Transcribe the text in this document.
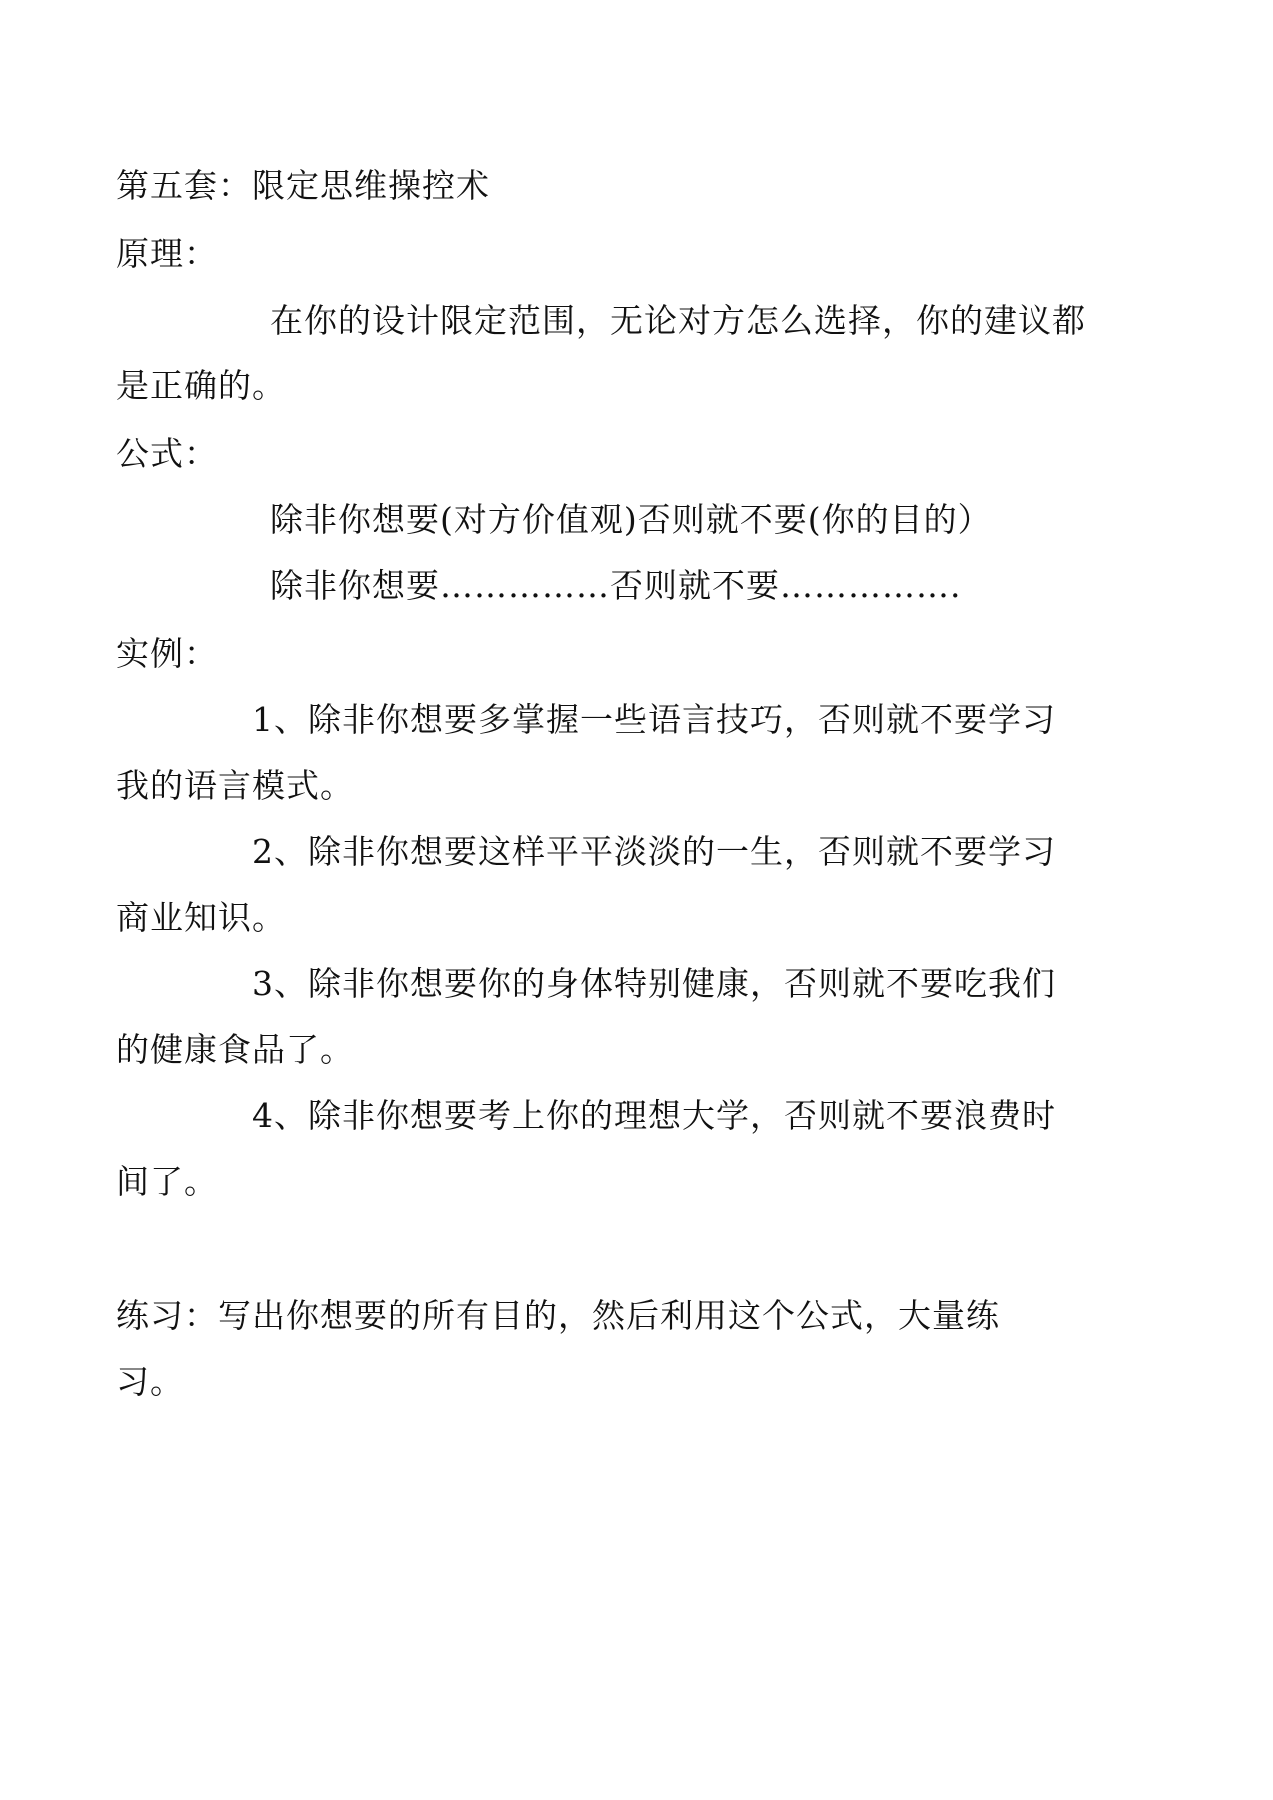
第五套：限定思维操控术
原理：
在你的设计限定范围，无论对方怎么选择，你的建议都
是正确的。
公式：
除非你想要(对方价值观)否则就不要(你的目的）
除非你想要……………否则就不要…………….
实例：
1、除非你想要多掌握一些语言技巧，否则就不要学习
我的语言模式。
2、除非你想要这样平平淡淡的一生，否则就不要学习
商业知识。
3、除非你想要你的身体特别健康，否则就不要吃我们
的健康食品了。
4、除非你想要考上你的理想大学，否则就不要浪费时
间了。
练习：写出你想要的所有目的，然后利用这个公式，大量练
习。
